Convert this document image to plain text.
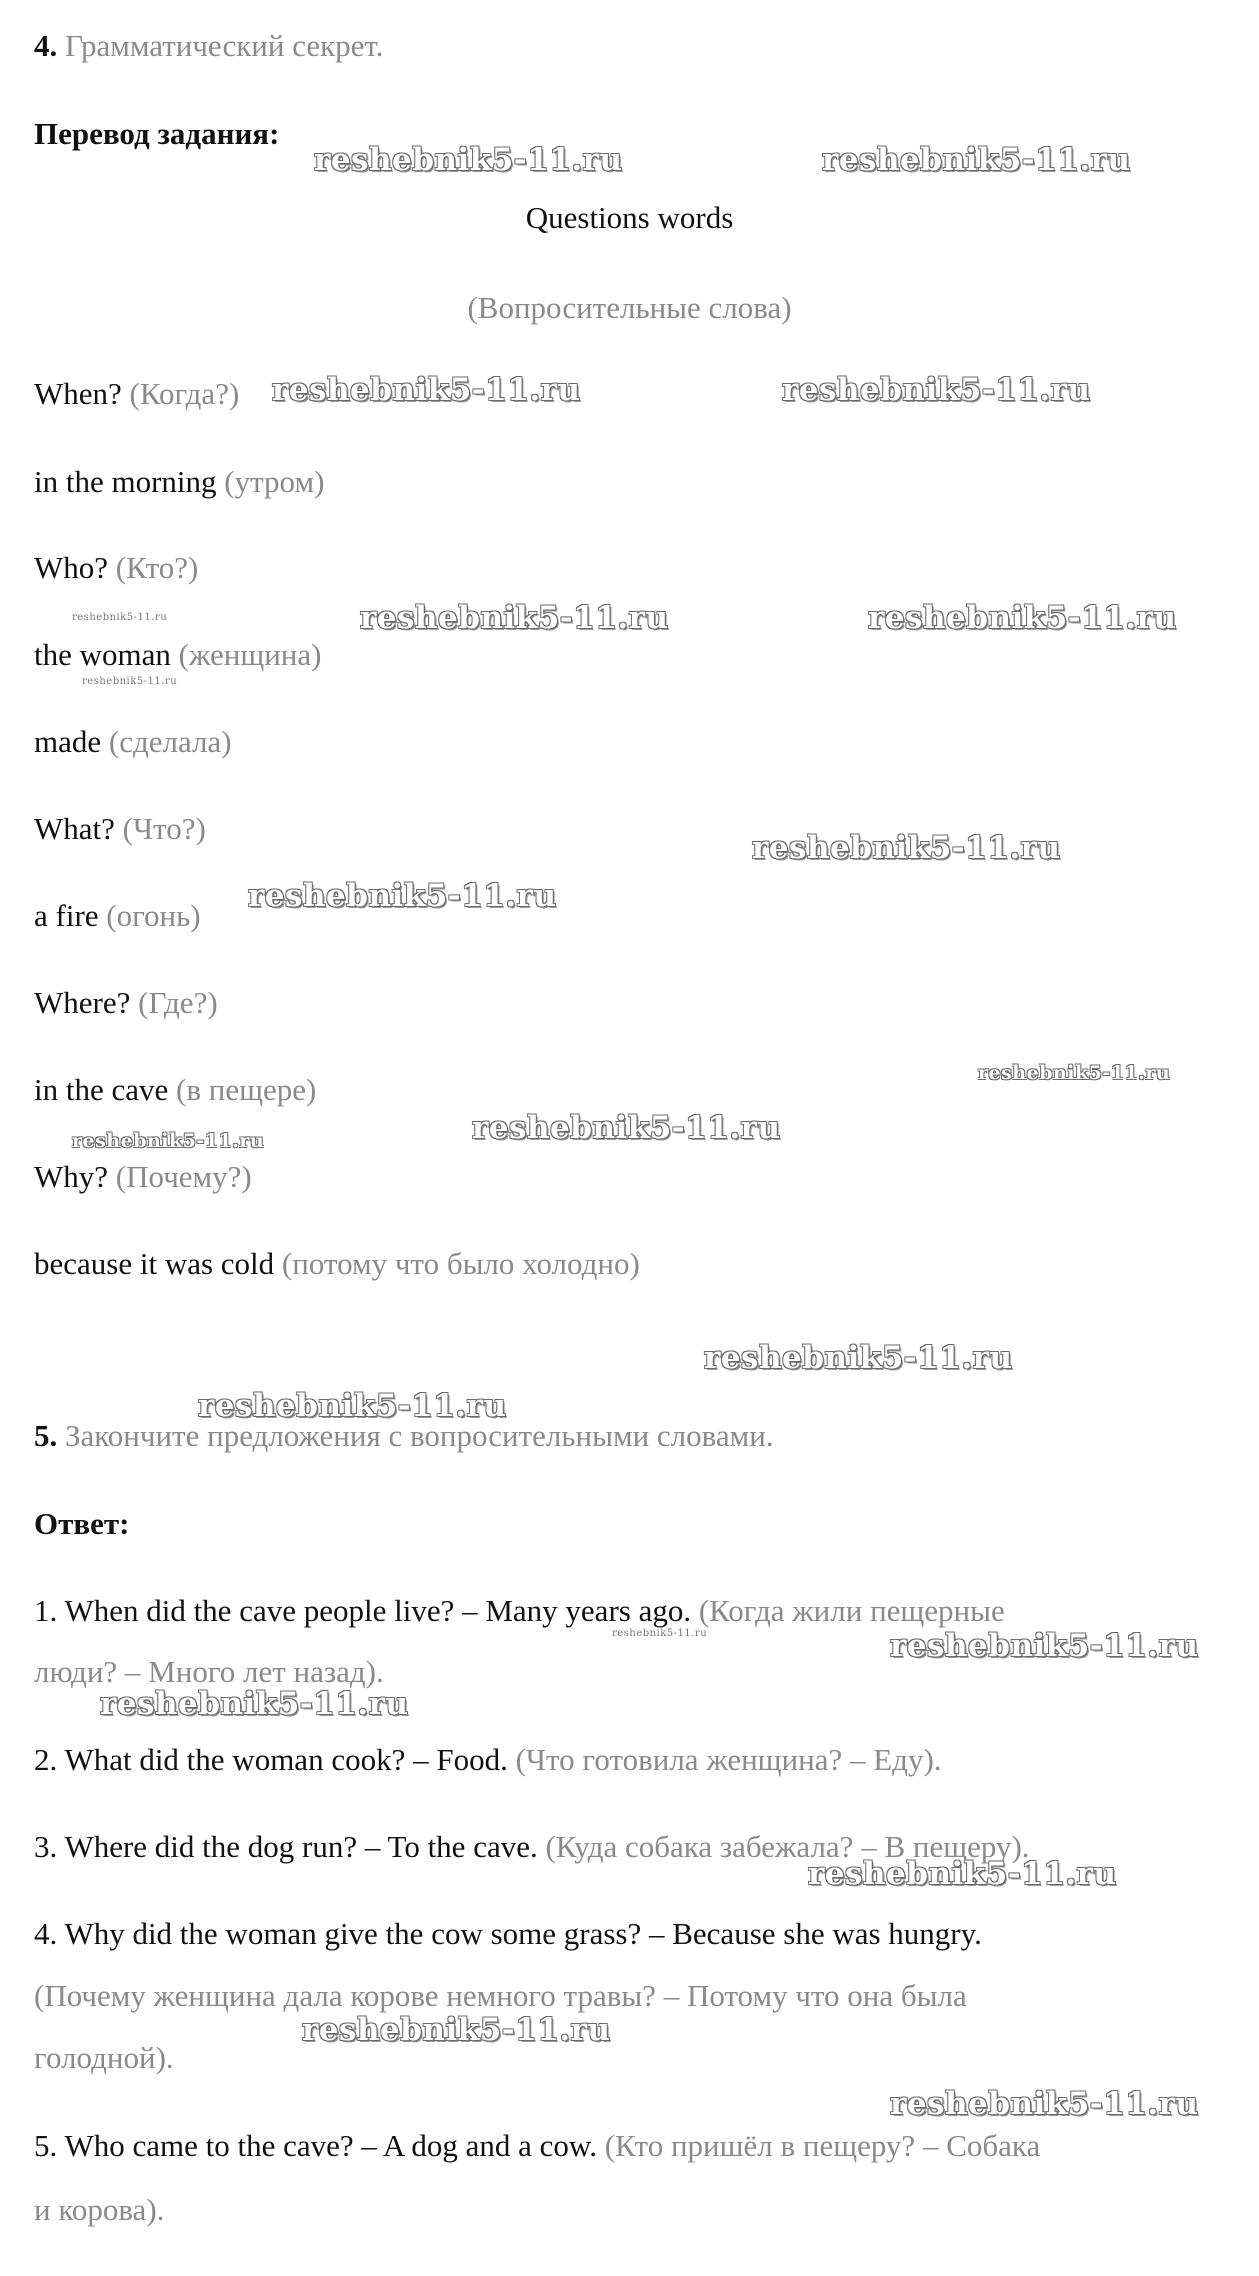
4. Грамматический секрет.
Перевод задания:
Questions words
(Вопросительные слова)
When? (Когда?)
in the morning (утром)
Who? (Кто?)
the woman (женщина)
made (сделала)
What? (Что?)
a fire (огонь)
Where? (Где?)
in the cave (в пещере)
Why? (Почему?)
because it was cold (потому что было холодно)
5. Закончите предложения с вопросительными словами.
Ответ:
1. When did the cave people live? – Many years ago. (Когда жили пещерные
люди? – Много лет назад).
2. What did the woman cook? – Food. (Что готовила женщина? – Еду).
3. Where did the dog run? – To the cave. (Куда собака забежала? – В пещеру).
4. Why did the woman give the cow some grass? – Because she was hungry.
(Почему женщина дала корове немного травы? – Потому что она была
голодной).
5. Who came to the cave? – A dog and a cow. (Кто пришёл в пещеру? – Собака
и корова).
reshebnik5-11.ru	reshebnik5-11.ru
reshebnik5-11.ru	reshebnik5-11.ru
reshebnik5-11.ru	reshebnik5-11.ru	reshebnik5-11.ru
reshebnik5-11.ru
reshebnik5-11.ru
reshebnik5-11.ru
reshebnik5-11.ru
reshebnik5-11.ru	reshebnik5-11.ru
reshebnik5-11.ru
reshebnik5-11.ru
reshebnik5-11.ru	reshebnik5-11.ru
reshebnik5-11.ru
reshebnik5-11.ru
reshebnik5-11.ru
reshebnik5-11.ru
